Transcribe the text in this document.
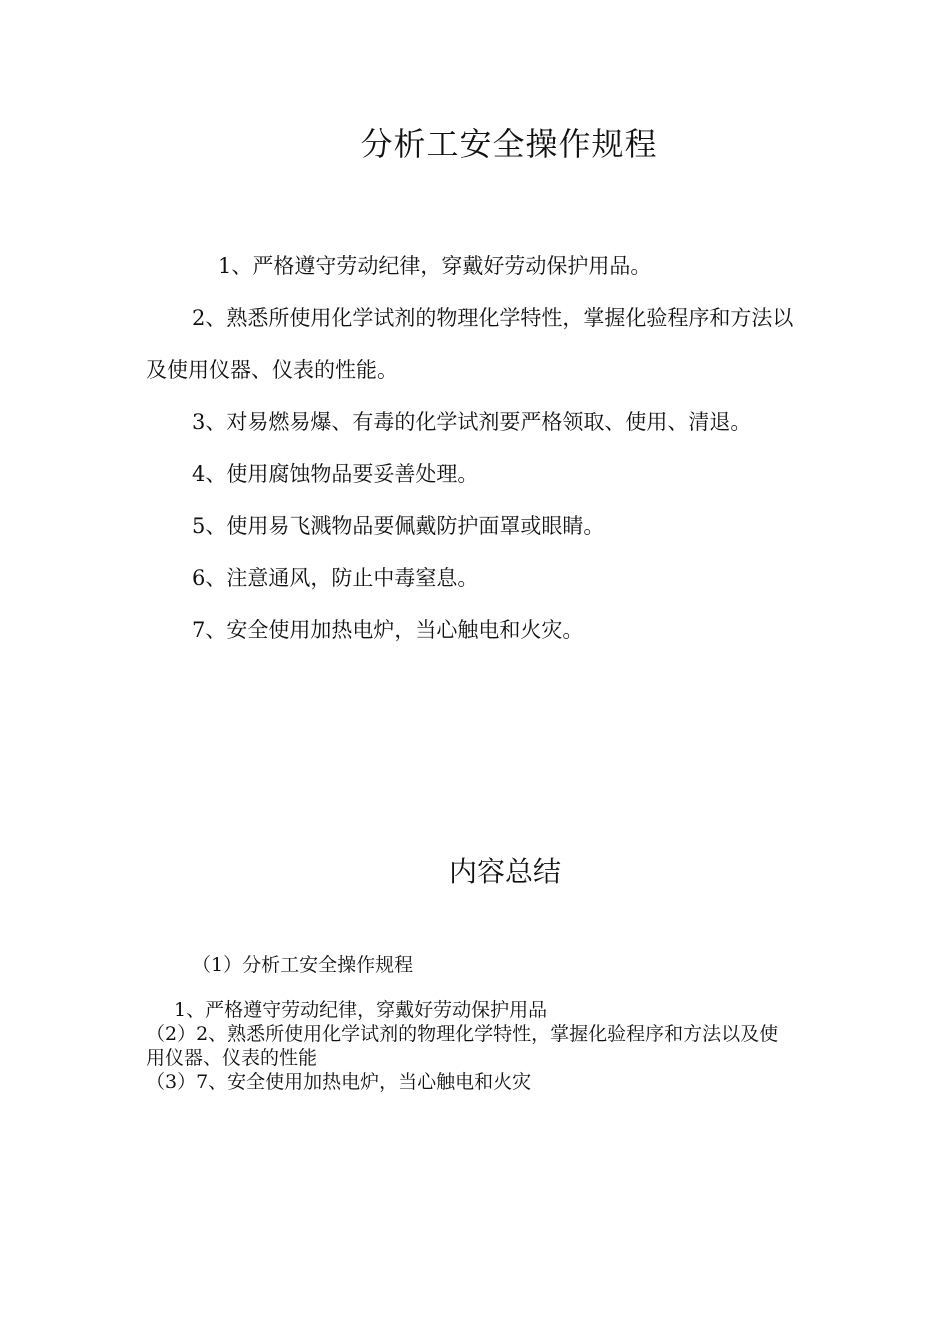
分析工安全操作规程
1、严格遵守劳动纪律，穿戴好劳动保护用品。
2、熟悉所使用化学试剂的物理化学特性，掌握化验程序和方法以及使用仪器、仪表的性能。
3、对易燃易爆、有毒的化学试剂要严格领取、使用、清退。
4、使用腐蚀物品要妥善处理。
5、使用易飞溅物品要佩戴防护面罩或眼睛。
6、注意通风，防止中毒窒息。
7、安全使用加热电炉，当心触电和火灾。
内容总结

（1）分析工安全操作规程

1、严格遵守劳动纪律，穿戴好劳动保护用品
（2）2、熟悉所使用化学试剂的物理化学特性，掌握化验程序和方法以及使用仪器、仪表的性能
（3）7、安全使用加热电炉，当心触电和火灾
